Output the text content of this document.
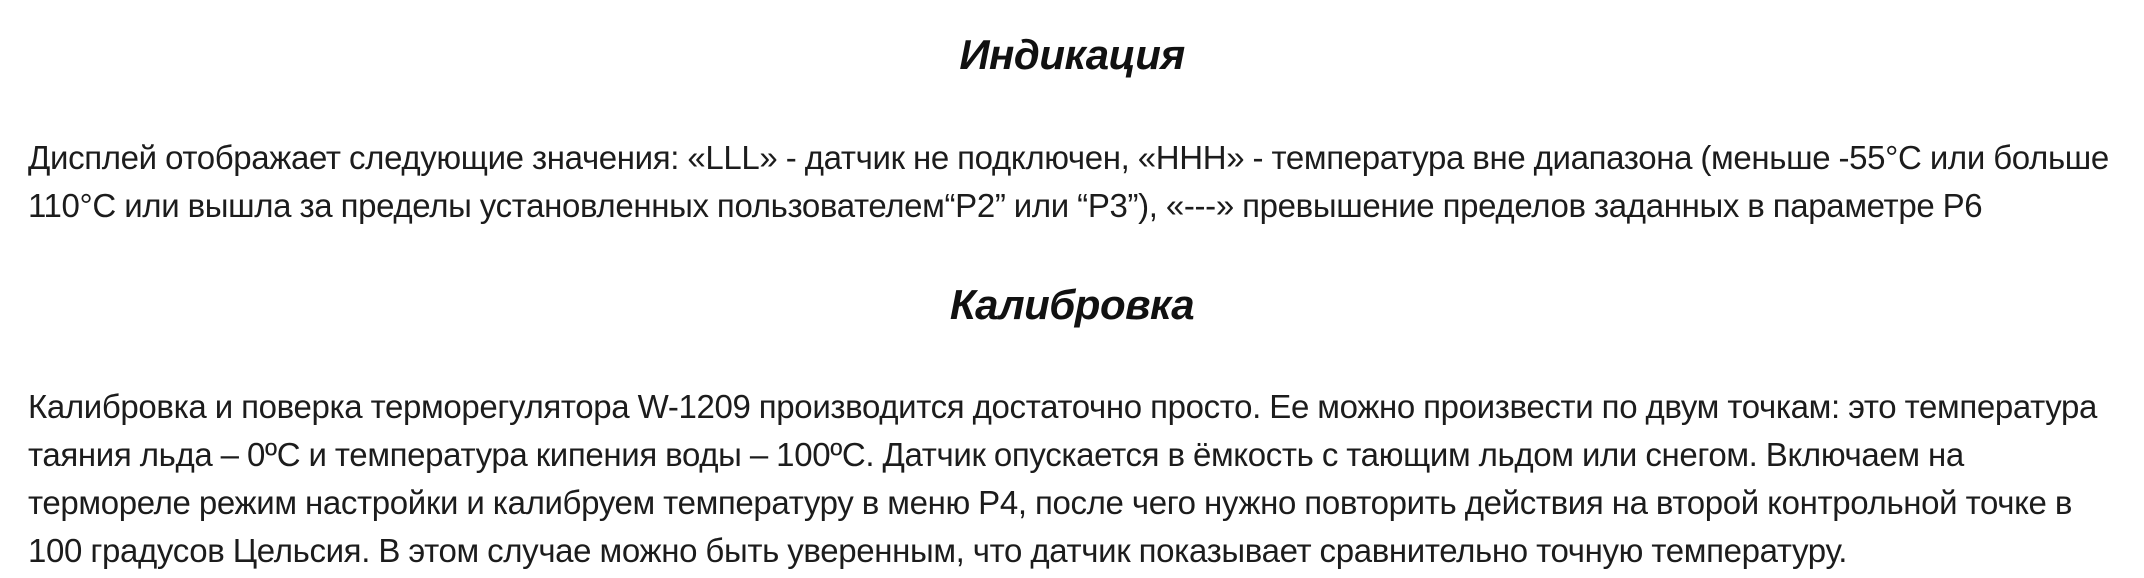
Индикация

Дисплей отображает следующие значения: «LLL» - датчик не подключен, «HHH» - температура вне диапазона (меньше -55°С или больше 110°С или вышла за пределы установленных пользователем“Р2” или “Р3”), «---» превышение пределов заданных в параметре Р6

Калибровка

Калибровка и поверка терморегулятора W-1209 производится достаточно просто. Ее можно произвести по двум точкам: это температура таяния льда – 0ºС и температура кипения воды – 100ºС. Датчик опускается в ёмкость с тающим льдом или снегом. Включаем на термореле режим настройки и калибруем температуру в меню Р4, после чего нужно повторить действия на второй контрольной точке в 100 градусов Цельсия. В этом случае можно быть уверенным, что датчик показывает сравнительно точную температуру.
